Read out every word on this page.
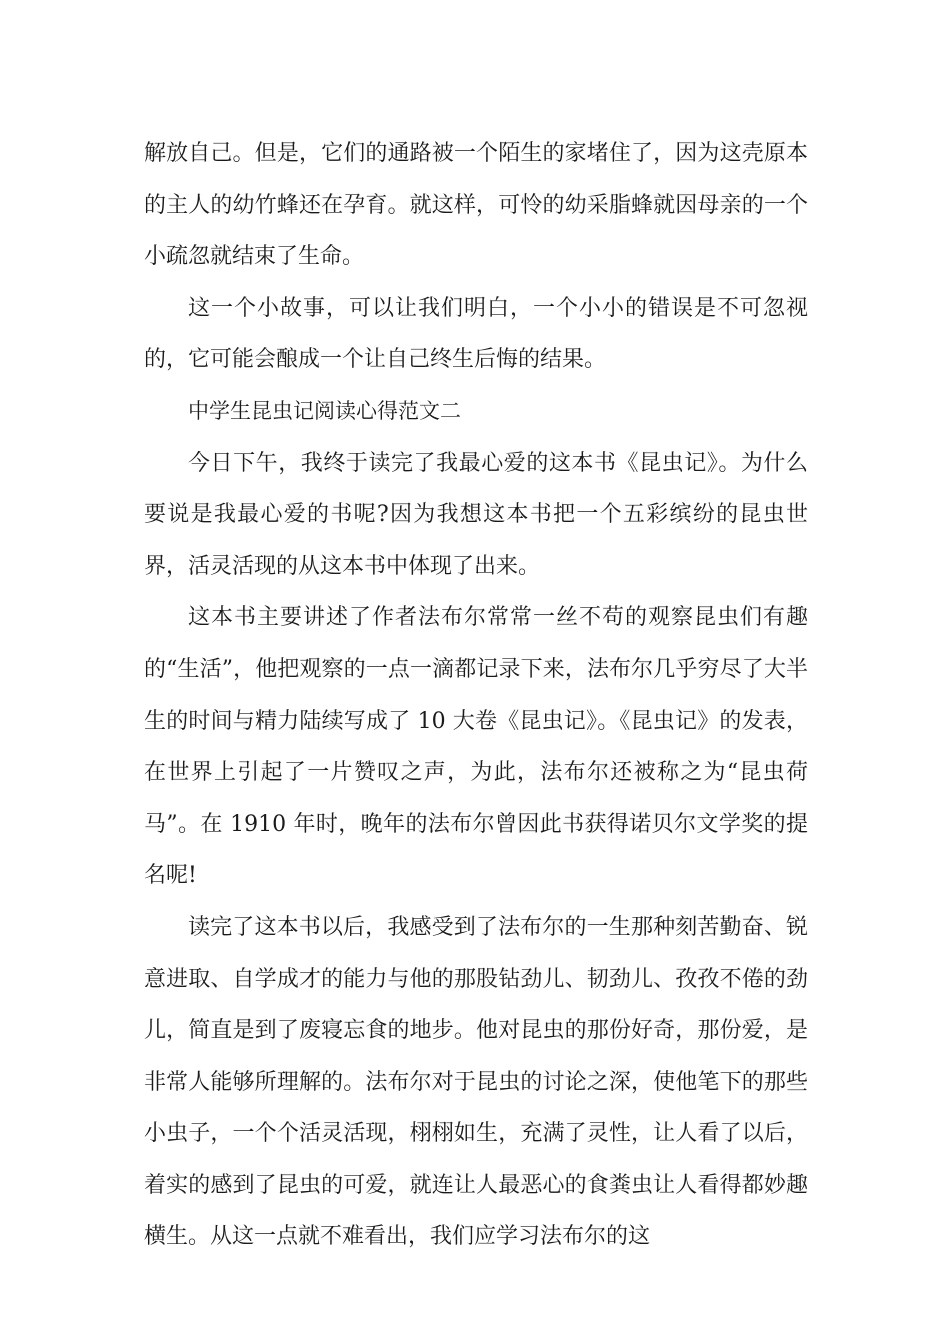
解放自己。但是，它们的通路被一个陌生的家堵住了，因为这壳原本的主人的幼竹蜂还在孕育。就这样，可怜的幼采脂蜂就因母亲的一个小疏忽就结束了生命。

这一个小故事，可以让我们明白，一个小小的错误是不可忽视的，它可能会酿成一个让自己终生后悔的结果。

中学生昆虫记阅读心得范文二

今日下午，我终于读完了我最心爱的这本书《昆虫记》。为什么要说是我最心爱的书呢?因为我想这本书把一个五彩缤纷的昆虫世界，活灵活现的从这本书中体现了出来。

这本书主要讲述了作者法布尔常常一丝不苟的观察昆虫们有趣的“生活”，他把观察的一点一滴都记录下来，法布尔几乎穷尽了大半生的时间与精力陆续写成了 10 大卷《昆虫记》。《昆虫记》的发表，在世界上引起了一片赞叹之声，为此，法布尔还被称之为“昆虫荷马”。在 1910 年时，晚年的法布尔曾因此书获得诺贝尔文学奖的提名呢!

读完了这本书以后，我感受到了法布尔的一生那种刻苦勤奋、锐意进取、自学成才的能力与他的那股钻劲儿、韧劲儿、孜孜不倦的劲儿，简直是到了废寝忘食的地步。他对昆虫的那份好奇，那份爱，是非常人能够所理解的。法布尔对于昆虫的讨论之深，使他笔下的那些小虫子，一个个活灵活现，栩栩如生，充满了灵性，让人看了以后，着实的感到了昆虫的可爱，就连让人最恶心的食粪虫让人看得都妙趣横生。从这一点就不难看出，我们应学习法布尔的这
